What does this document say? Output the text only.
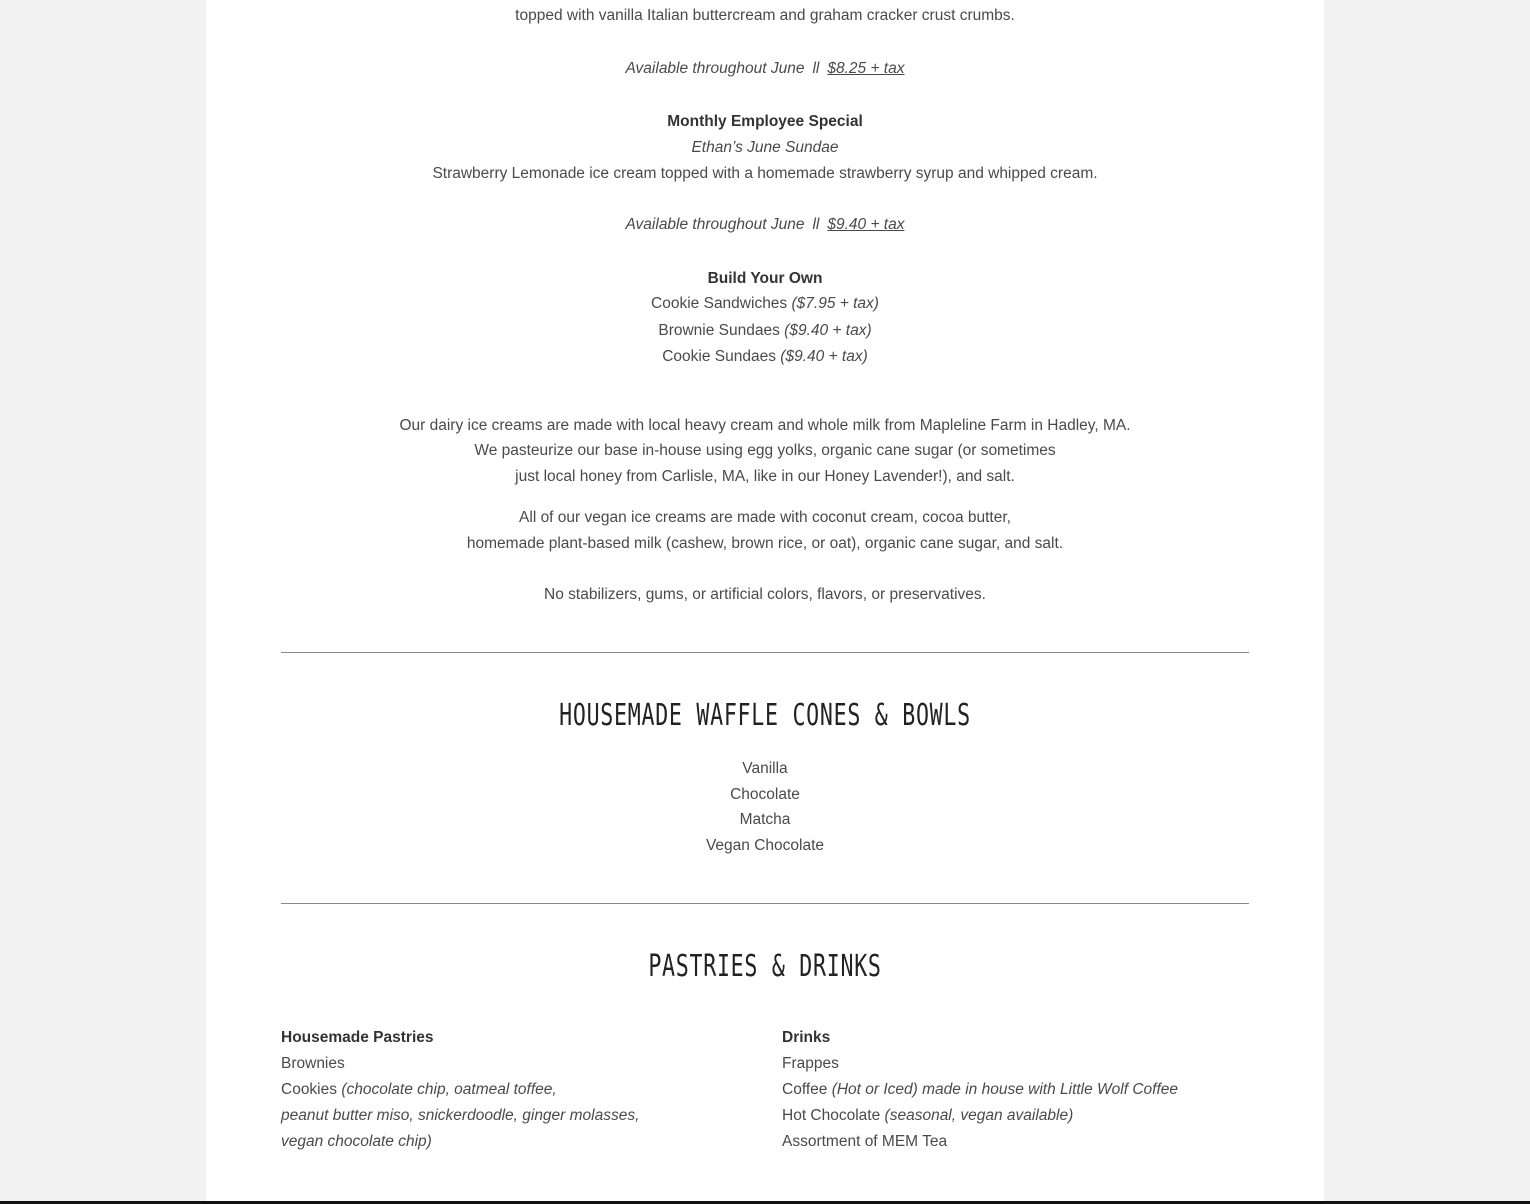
topped with vanilla Italian buttercream and graham cracker crust crumbs.
Available throughout June ll $8.25 + tax
Monthly Employee Special
Ethan’s June Sundae
Strawberry Lemonade ice cream topped with a homemade strawberry syrup and whipped cream.
Available throughout June ll $9.40 + tax
Build Your Own
Cookie Sandwiches ($7.95 + tax)
Brownie Sundaes ($9.40 + tax)
Cookie Sundaes ($9.40 + tax)
Our dairy ice creams are made with local heavy cream and whole milk from Mapleline Farm in Hadley, MA.
We pasteurize our base in-house using egg yolks, organic cane sugar (or sometimes
just local honey from Carlisle, MA, like in our Honey Lavender!), and salt.
All of our vegan ice creams are made with coconut cream, cocoa butter,
homemade plant-based milk (cashew, brown rice, or oat), organic cane sugar, and salt.
No stabilizers, gums, or artificial colors, flavors, or preservatives.
HOUSEMADE WAFFLE CONES & BOWLS
Vanilla
Chocolate
Matcha
Vegan Chocolate
PASTRIES & DRINKS
Housemade Pastries
Brownies
Cookies (chocolate chip, oatmeal toffee,
peanut butter miso, snickerdoodle, ginger molasses,
vegan chocolate chip)
Drinks
Frappes
Coffee (Hot or Iced) made in house with Little Wolf Coffee
Hot Chocolate (seasonal, vegan available)
Assortment of MEM Tea
